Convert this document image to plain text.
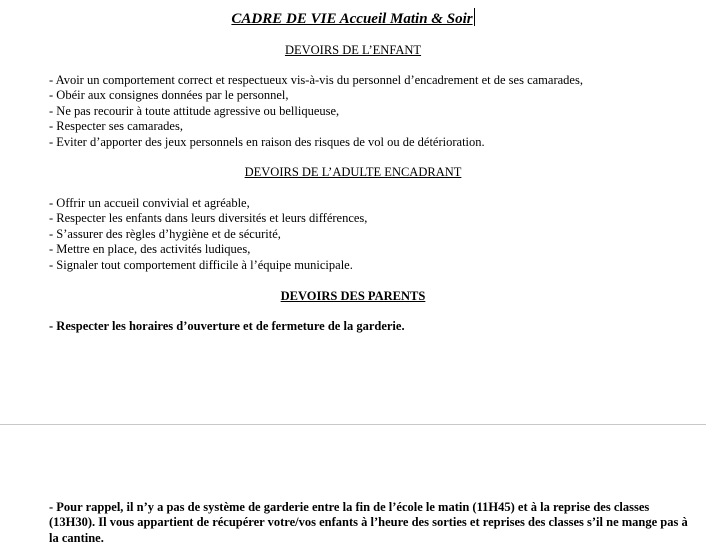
CADRE DE VIE Accueil Matin & Soir
DEVOIRS DE L’ENFANT
- Avoir un comportement correct et respectueux vis-à-vis du personnel d’encadrement et de ses camarades,
- Obéir aux consignes données par le personnel,
- Ne pas recourir à toute attitude agressive ou belliqueuse,
- Respecter ses camarades,
- Eviter d’apporter des jeux personnels en raison des risques de vol ou de détérioration.
DEVOIRS DE L’ADULTE ENCADRANT
- Offrir un accueil convivial et agréable,
- Respecter les enfants dans leurs diversités et leurs différences,
- S’assurer des règles d’hygiène et de sécurité,
- Mettre en place, des activités ludiques,
- Signaler tout comportement difficile à l’équipe municipale.
DEVOIRS DES PARENTS
- Respecter les horaires d’ouverture et de fermeture de la garderie.

- Pour rappel, il n’y a pas de système de garderie entre la fin de l’école le matin (11H45) et à la reprise des classes (13H30). Il vous appartient de récupérer votre/vos enfants à l’heure des sorties et reprises des classes s’il ne mange pas à la cantine.
